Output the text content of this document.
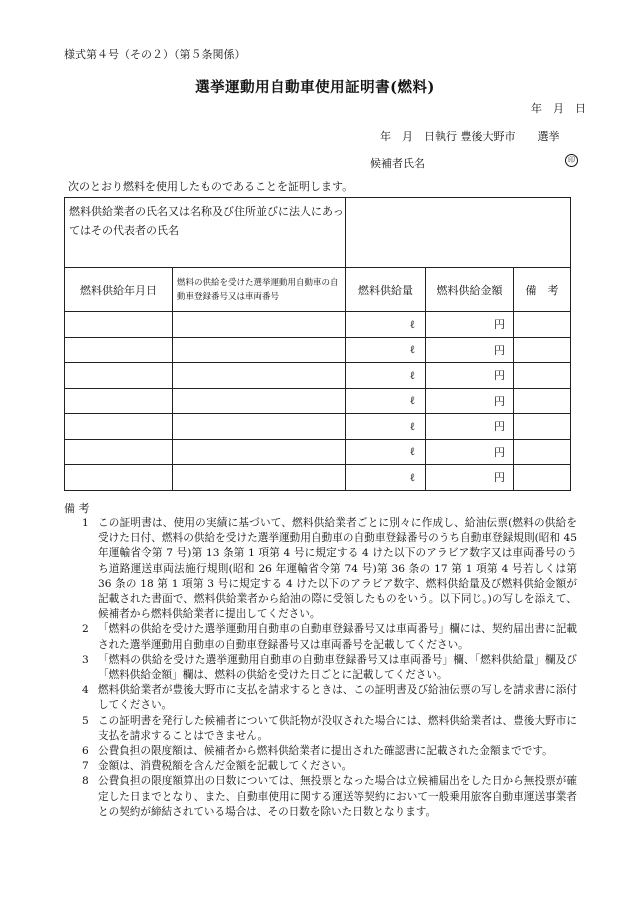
様式第４号（その２）（第５条関係）
選挙運動用自動車使用証明書(燃料)
年　月　日
年　月　日執行 豊後大野市　　選挙
候補者氏名	印
次のとおり燃料を使用したものであることを証明します。
燃料供給業者の氏名又は名称及び住所並びに法人にあってはその代表者の氏名				
燃料供給年月日	燃料の供給を受けた選挙運動用自動車の自動車登録番号又は車両番号	燃料供給量	燃料供給金額	備　考
		ℓ	円	
		ℓ	円	
		ℓ	円	
		ℓ	円	
		ℓ	円	
		ℓ	円	
		ℓ	円	
備 考
1 この証明書は、使用の実績に基づいて、燃料供給業者ごとに別々に作成し、給油伝票(燃料の供給を受けた日付、燃料の供給を受けた選挙運動用自動車の自動車登録番号のうち自動車登録規則(昭和 45 年運輸省令第 7 号)第 13 条第 1 項第 4 号に規定する 4 けた以下のアラビア数字又は車両番号のうち道路運送車両法施行規則(昭和 26 年運輸省令第 74 号)第 36 条の 17 第 1 項第 4 号若しくは第 36 条の 18 第 1 項第 3 号に規定する 4 けた以下のアラビア数字、燃料供給量及び燃料供給金額が記載された書面で、燃料供給業者から給油の際に受領したものをいう。以下同じ。)の写しを添えて、候補者から燃料供給業者に提出してください。
2 「燃料の供給を受けた選挙運動用自動車の自動車登録番号又は車両番号」欄には、契約届出書に記載された選挙運動用自動車の自動車登録番号又は車両番号を記載してください。
3 「燃料の供給を受けた選挙運動用自動車の自動車登録番号又は車両番号」欄、「燃料供給量」欄及び「燃料供給金額」欄は、燃料の供給を受けた日ごとに記載してください。
4 燃料供給業者が豊後大野市に支払を請求するときは、この証明書及び給油伝票の写しを請求書に添付してください。
5 この証明書を発行した候補者について供託物が没収された場合には、燃料供給業者は、豊後大野市に支払を請求することはできません。
6 公費負担の限度額は、候補者から燃料供給業者に提出された確認書に記載された金額までです。
7 金額は、消費税額を含んだ金額を記載してください。
8 公費負担の限度額算出の日数については、無投票となった場合は立候補届出をした日から無投票が確定した日までとなり、また、自動車使用に関する運送等契約において一般乗用旅客自動車運送事業者との契約が締結されている場合は、その日数を除いた日数となります。
